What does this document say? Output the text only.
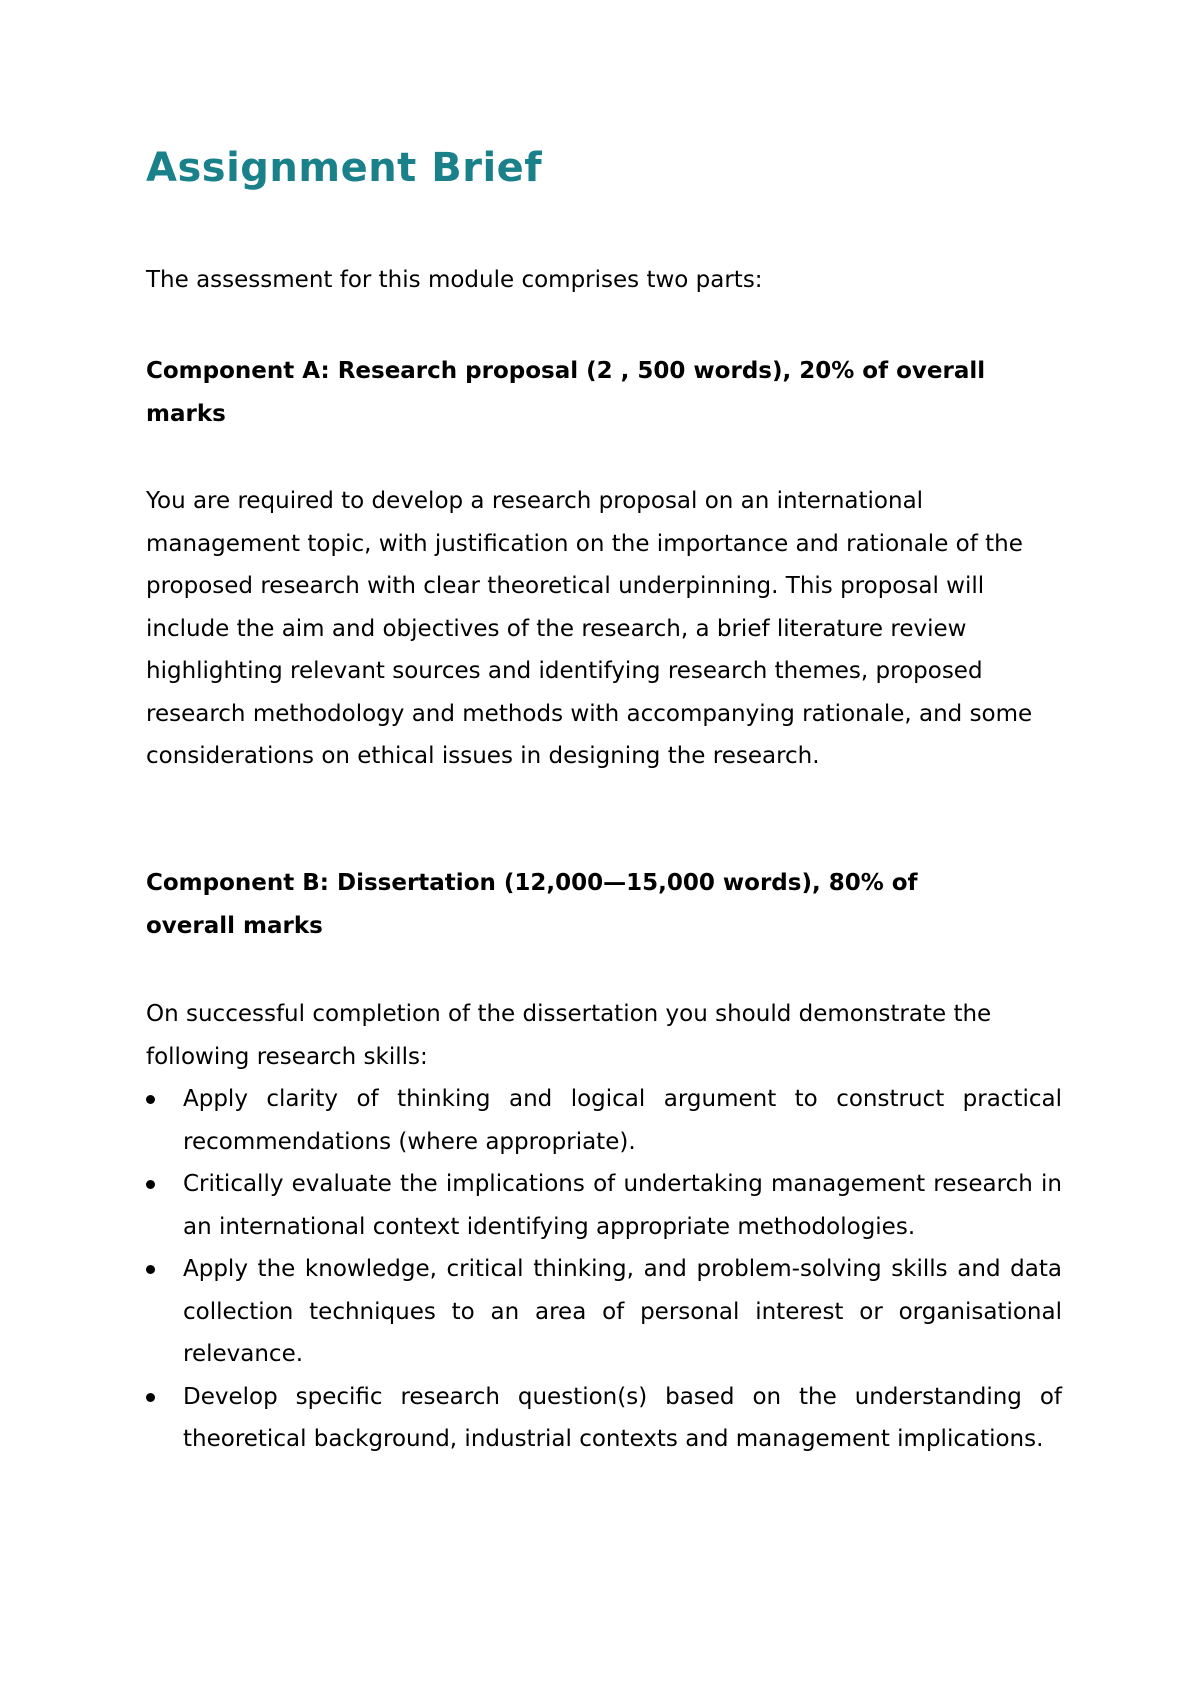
Assignment Brief

The assessment for this module comprises two parts:

Component A: Research proposal (2 , 500 words), 20% of overall marks

You are required to develop a research proposal on an international management topic, with justification on the importance and rationale of the proposed research with clear theoretical underpinning. This proposal will include the aim and objectives of the research, a brief literature review highlighting relevant sources and identifying research themes, proposed research methodology and methods with accompanying rationale, and some considerations on ethical issues in designing the research.

Component B: Dissertation (12,000—15,000 words), 80% of overall marks

On successful completion of the dissertation you should demonstrate the following research skills:

Apply clarity of thinking and logical argument to construct practical recommendations (where appropriate).
Critically evaluate the implications of undertaking management research in an international context identifying appropriate methodologies.
Apply the knowledge, critical thinking, and problem-solving skills and data collection techniques to an area of personal interest or organisational relevance.
Develop specific research question(s) based on the understanding of theoretical background, industrial contexts and management implications.
